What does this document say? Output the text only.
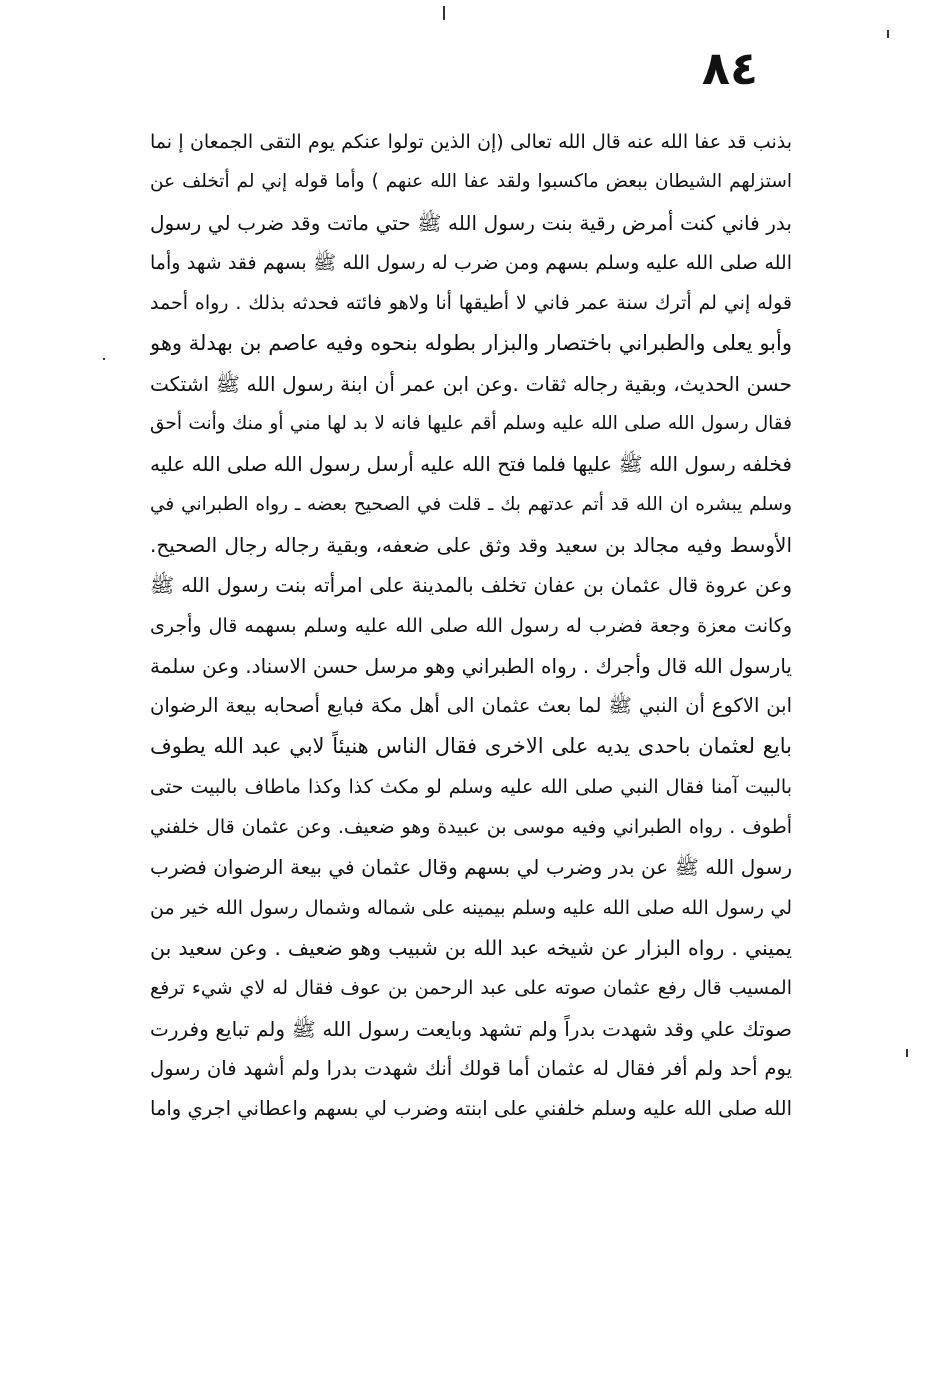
٨٤
بذنب قد عفا الله عنه قال الله تعالى (إن الذين تولوا عنكم يوم التقى الجمعان إ نما
استزلهم الشيطان ببعض ماكسبوا ولقد عفا الله عنهم ) وأما قوله إني لم أتخلف عن
بدر فاني كنت أمرض رقية بنت رسول الله ﷺ حتي ماتت وقد ضرب لي رسول
الله صلى الله عليه وسلم بسهم ومن ضرب له رسول الله ﷺ بسهم فقد شهد وأما
قوله إني لم أترك سنة عمر فاني لا أطيقها أنا ولاهو فائته فحدثه بذلك . رواه أحمد
وأبو يعلى والطبراني باختصار والبزار بطوله بنحوه وفيه عاصم بن بهدلة وهو
حسن الحديث، وبقية رجاله ثقات .وعن ابن عمر أن ابنة رسول الله ﷺ اشتكت
فقال رسول الله صلى الله عليه وسلم أقم عليها فانه لا بد لها مني أو منك وأنت أحق
فخلفه رسول الله ﷺ عليها فلما فتح الله عليه أرسل رسول الله صلى الله عليه
وسلم يبشره ان الله قد أتم عدتهم بك ـ قلت في الصحيح بعضه ـ رواه الطبراني في
الأوسط وفيه مجالد بن سعيد وقد وثق على ضعفه، وبقية رجاله رجال الصحيح.
وعن عروة قال عثمان بن عفان تخلف بالمدينة على امرأته بنت رسول الله ﷺ
وكانت معزة وجعة فضرب له رسول الله صلى الله عليه وسلم بسهمه قال وأجرى
يارسول الله قال وأجرك . رواه الطبراني وهو مرسل حسن الاسناد. وعن سلمة
ابن الاكوع أن النبي ﷺ لما بعث عثمان الى أهل مكة فبايع أصحابه بيعة الرضوان
بايع لعثمان باحدى يديه على الاخرى فقال الناس هنيئاً لابي عبد الله يطوف
بالبيت آمنا فقال النبي صلى الله عليه وسلم لو مكث كذا وكذا ماطاف بالبيت حتى
أطوف . رواه الطبراني وفيه موسى بن عبيدة وهو ضعيف. وعن عثمان قال خلفني
رسول الله ﷺ عن بدر وضرب لي بسهم وقال عثمان في بيعة الرضوان فضرب
لي رسول الله صلى الله عليه وسلم بيمينه على شماله وشمال رسول الله خير من
يميني . رواه البزار عن شيخه عبد الله بن شبيب وهو ضعيف . وعن سعيد بن
المسيب قال رفع عثمان صوته على عبد الرحمن بن عوف فقال له لاي شيء ترفع
صوتك علي وقد شهدت بدراً ولم تشهد وبايعت رسول الله ﷺ ولم تبايع وفررت
يوم أحد ولم أفر فقال له عثمان أما قولك أنك شهدت بدرا ولم أشهد فان رسول
الله صلى الله عليه وسلم خلفني على ابنته وضرب لي بسهم واعطاني اجري واما
